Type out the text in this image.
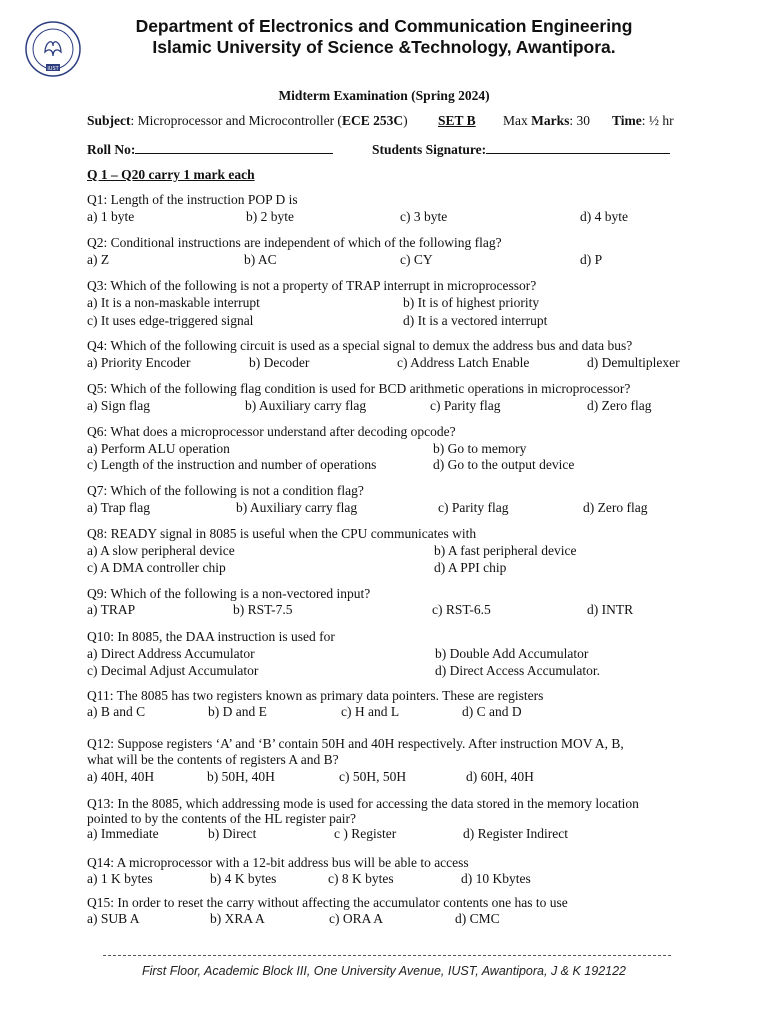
IUST
Department of Electronics and Communication Engineering
Islamic University of Science &Technology, Awantipora.
Midterm Examination (Spring 2024)
Subject: Microprocessor and Microcontroller (ECE 253C) SET B Max Marks: 30 Time: ½ hr
Roll No:	Students Signature:
Q 1 – Q20 carry 1 mark each
Q1: Length of the instruction POP D is
a) 1 byte	b) 2 byte	c) 3 byte	d) 4 byte
Q2: Conditional instructions are independent of which of the following flag?
a) Z	b) AC	c) CY	d) P
Q3: Which of the following is not a property of TRAP interrupt in microprocessor?
a) It is a non-maskable interrupt	b) It is of highest priority
c) It uses edge-triggered signal	d) It is a vectored interrupt
Q4: Which of the following circuit is used as a special signal to demux the address bus and data bus?
a) Priority Encoder	b) Decoder	c) Address Latch Enable	d) Demultiplexer
Q5: Which of the following flag condition is used for BCD arithmetic operations in microprocessor?
a) Sign flag	b) Auxiliary carry flag	c) Parity flag	d) Zero flag
Q6: What does a microprocessor understand after decoding opcode?
a) Perform ALU operation	b) Go to memory
c) Length of the instruction and number of operations	d) Go to the output device
Q7: Which of the following is not a condition flag?
a) Trap flag	b) Auxiliary carry flag	c) Parity flag	d) Zero flag
Q8: READY signal in 8085 is useful when the CPU communicates with
a) A slow peripheral device	b) A fast peripheral device
c) A DMA controller chip	d) A PPI chip
Q9: Which of the following is a non-vectored input?
a) TRAP	b) RST-7.5	c) RST-6.5	d) INTR
Q10: In 8085, the DAA instruction is used for
a) Direct Address Accumulator	b) Double Add Accumulator
c) Decimal Adjust Accumulator	d) Direct Access Accumulator.
Q11: The 8085 has two registers known as primary data pointers. These are registers
a) B and C	b) D and E	c) H and L	d) C and D
Q12: Suppose registers ‘A’ and ‘B’ contain 50H and 40H respectively. After instruction MOV A, B,
what will be the contents of registers A and B?
a) 40H, 40H	b) 50H, 40H	c) 50H, 50H	d) 60H, 40H
Q13: In the 8085, which addressing mode is used for accessing the data stored in the memory location
pointed to by the contents of the HL register pair?
a) Immediate	b) Direct	c ) Register	d) Register Indirect
Q14: A microprocessor with a 12-bit address bus will be able to access
a) 1 K bytes	b) 4 K bytes	c) 8 K bytes	d) 10 Kbytes
Q15: In order to reset the carry without affecting the accumulator contents one has to use
a) SUB A	b) XRA A	c) ORA A	d) CMC
First Floor, Academic Block III, One University Avenue, IUST, Awantipora, J & K 192122
